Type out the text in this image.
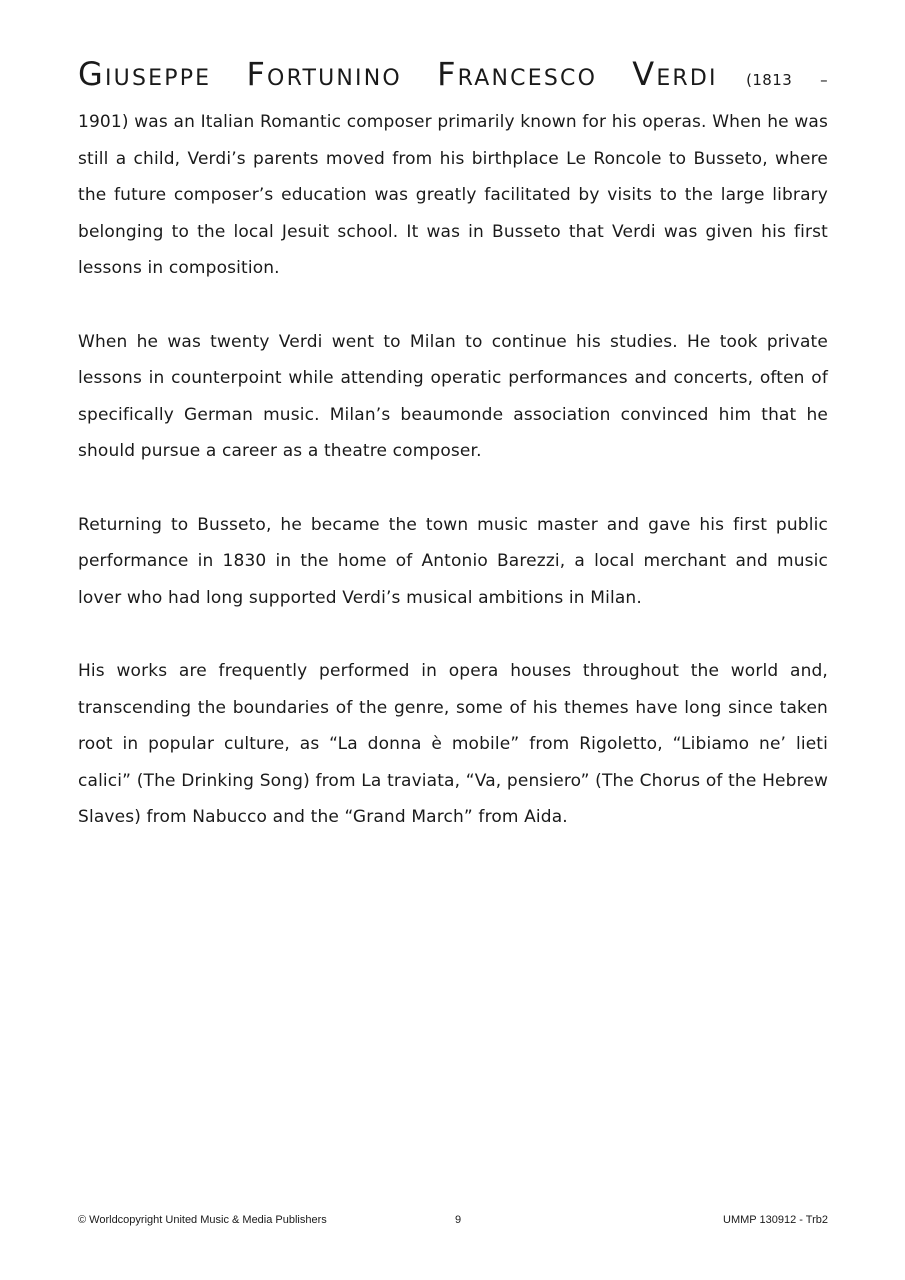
Giuseppe Fortunino Francesco Verdi (1813 –
1901) was an Italian Romantic composer primarily known for his operas. When he was still a child, Verdi’s parents moved from his birthplace Le Roncole to Busseto, where the future composer’s education was greatly facilitated by visits to the large library belonging to the local Jesuit school. It was in Busseto that Verdi was given his first lessons in composition.

When he was twenty Verdi went to Milan to continue his studies. He took private lessons in counterpoint while attending operatic performances and concerts, often of specifically German music. Milan’s beaumonde association convinced him that he should pursue a career as a theatre composer.

Returning to Busseto, he became the town music master and gave his first public performance in 1830 in the home of Antonio Barezzi, a local merchant and music lover who had long supported Verdi’s musical ambitions in Milan.

His works are frequently performed in opera houses throughout the world and, transcending the boundaries of the genre, some of his themes have long since taken root in popular culture, as “La donna è mobile” from Rigoletto, “Libiamo ne’ lieti calici” (The Drinking Song) from La traviata, “Va, pensiero” (The Chorus of the Hebrew Slaves) from Nabucco and the “Grand March” from Aida.

© Worldcopyright United Music & Media Publishers	9	UMMP 130912 - Trb2
